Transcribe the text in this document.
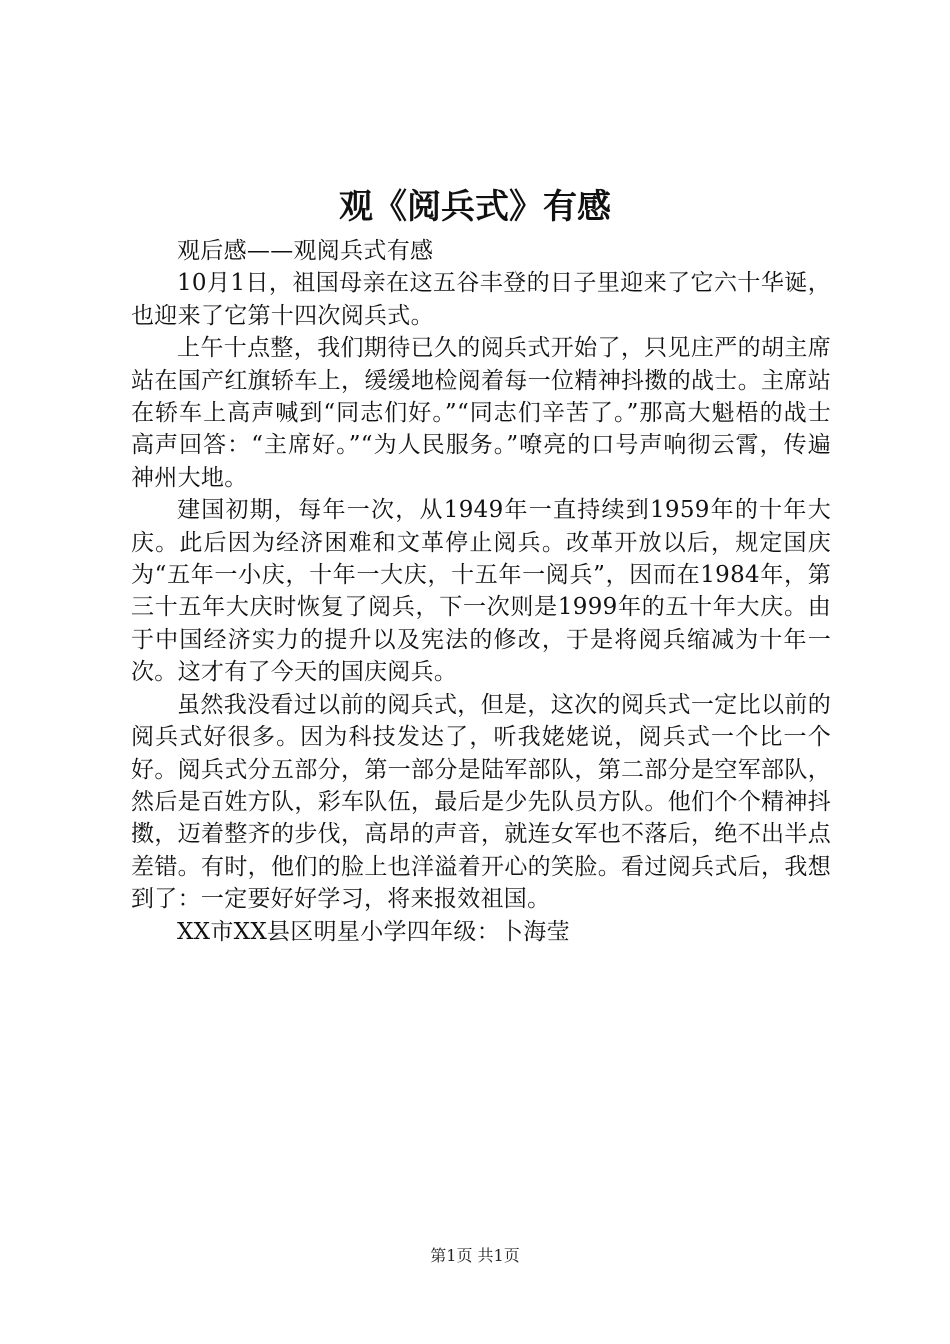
观《阅兵式》有感

观后感——观阅兵式有感

10月1日，祖国母亲在这五谷丰登的日子里迎来了它六十华诞，也迎来了它第十四次阅兵式。

上午十点整，我们期待已久的阅兵式开始了，只见庄严的胡主席站在国产红旗轿车上，缓缓地检阅着每一位精神抖擞的战士。主席站在轿车上高声喊到“同志们好。”“同志们辛苦了。”那高大魁梧的战士高声回答：“主席好。”“为人民服务。”嘹亮的口号声响彻云霄，传遍神州大地。

建国初期，每年一次，从1949年一直持续到1959年的十年大庆。此后因为经济困难和文革停止阅兵。改革开放以后，规定国庆为“五年一小庆，十年一大庆，十五年一阅兵”，因而在1984年，第三十五年大庆时恢复了阅兵，下一次则是1999年的五十年大庆。由于中国经济实力的提升以及宪法的修改，于是将阅兵缩减为十年一次。这才有了今天的国庆阅兵。

虽然我没看过以前的阅兵式，但是，这次的阅兵式一定比以前的阅兵式好很多。因为科技发达了，听我姥姥说，阅兵式一个比一个好。阅兵式分五部分，第一部分是陆军部队，第二部分是空军部队，然后是百姓方队，彩车队伍，最后是少先队员方队。他们个个精神抖擞，迈着整齐的步伐，高昂的声音，就连女军也不落后，绝不出半点差错。有时，他们的脸上也洋溢着开心的笑脸。看过阅兵式后，我想到了：一定要好好学习，将来报效祖国。

XX市XX县区明星小学四年级：卜海莹

第1页 共1页
